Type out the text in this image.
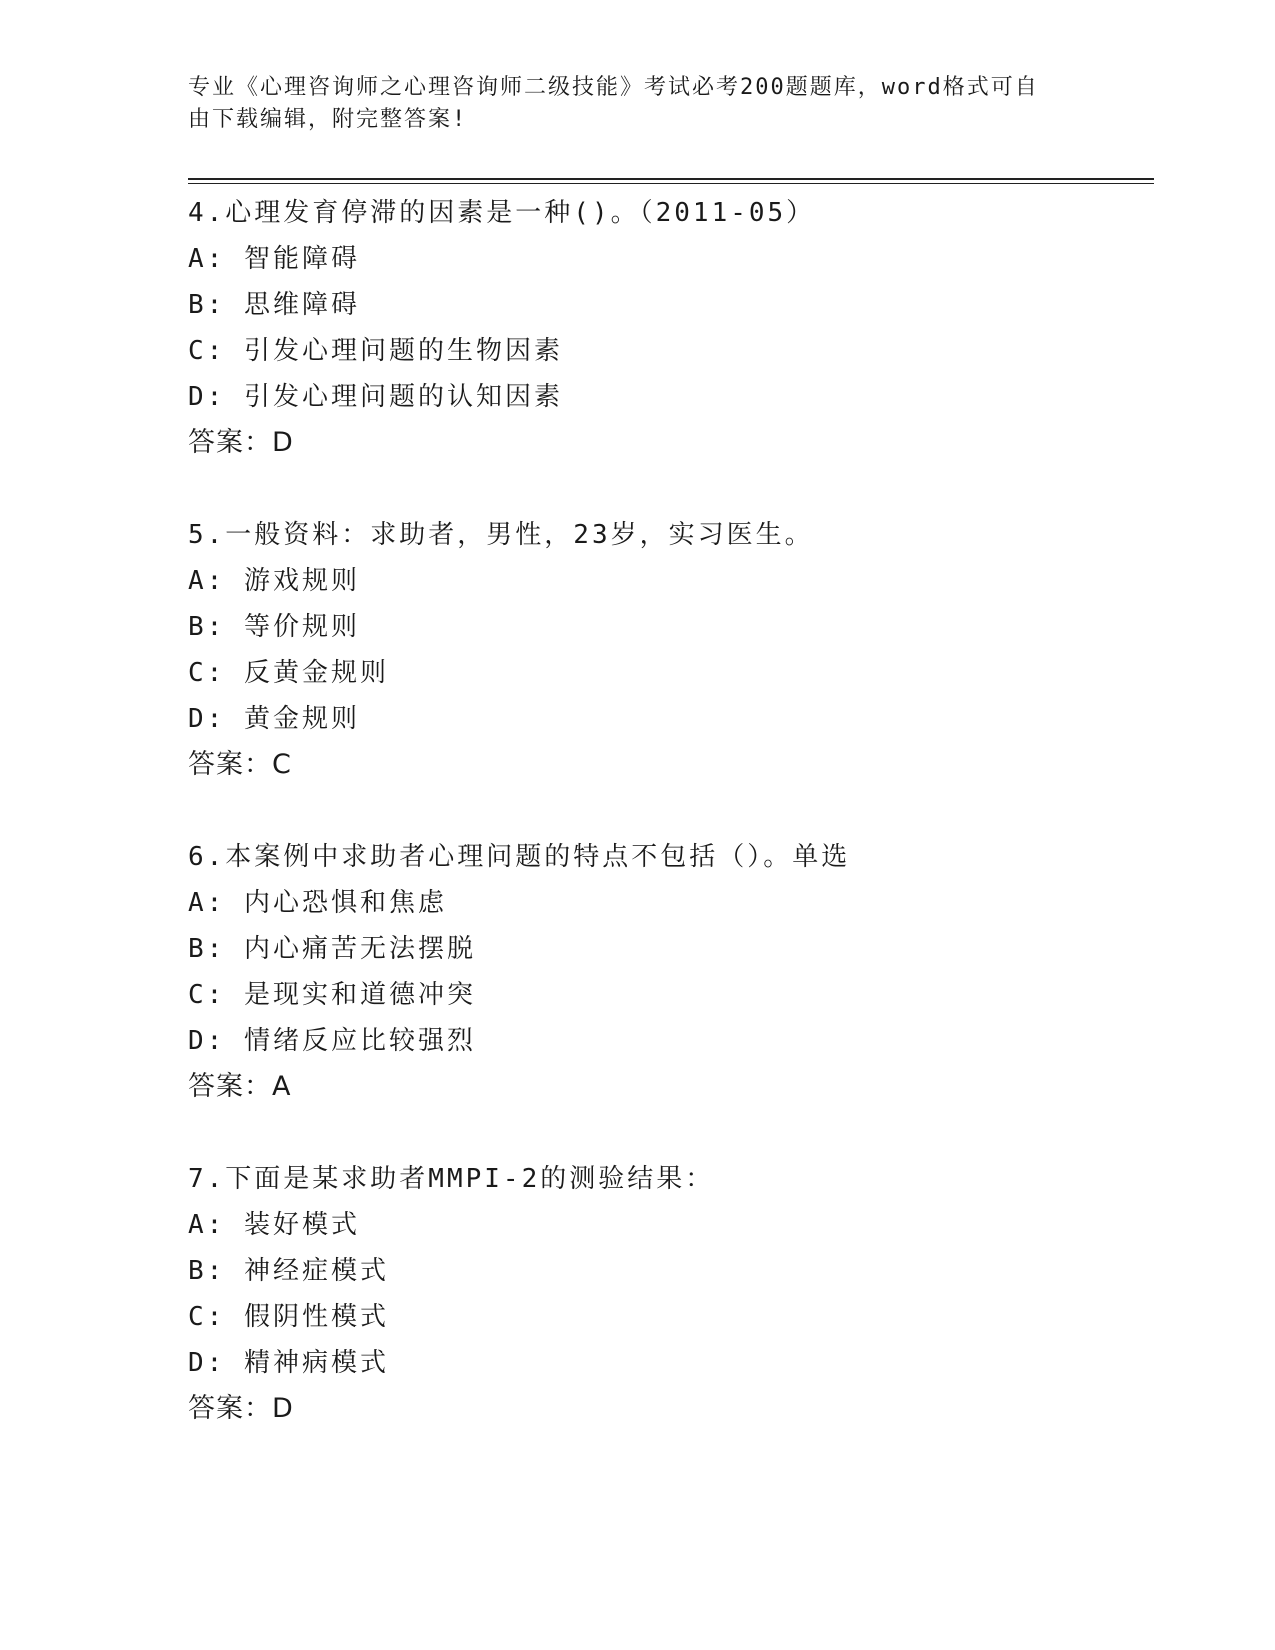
专业《心理咨询师之心理咨询师二级技能》考试必考200题题库，word格式可自
由下载编辑，附完整答案!
4.心理发育停滞的因素是一种()。（2011-05）
A: 智能障碍
B: 思维障碍
C: 引发心理问题的生物因素
D: 引发心理问题的认知因素
答案：D
5.一般资料：求助者，男性，23岁，实习医生。
A: 游戏规则
B: 等价规则
C: 反黄金规则
D: 黄金规则
答案：C
6.本案例中求助者心理问题的特点不包括（）。单选
A: 内心恐惧和焦虑
B: 内心痛苦无法摆脱
C: 是现实和道德冲突
D: 情绪反应比较强烈
答案：A
7.下面是某求助者MMPI-2的测验结果：
A: 装好模式
B: 神经症模式
C: 假阴性模式
D: 精神病模式
答案：D
